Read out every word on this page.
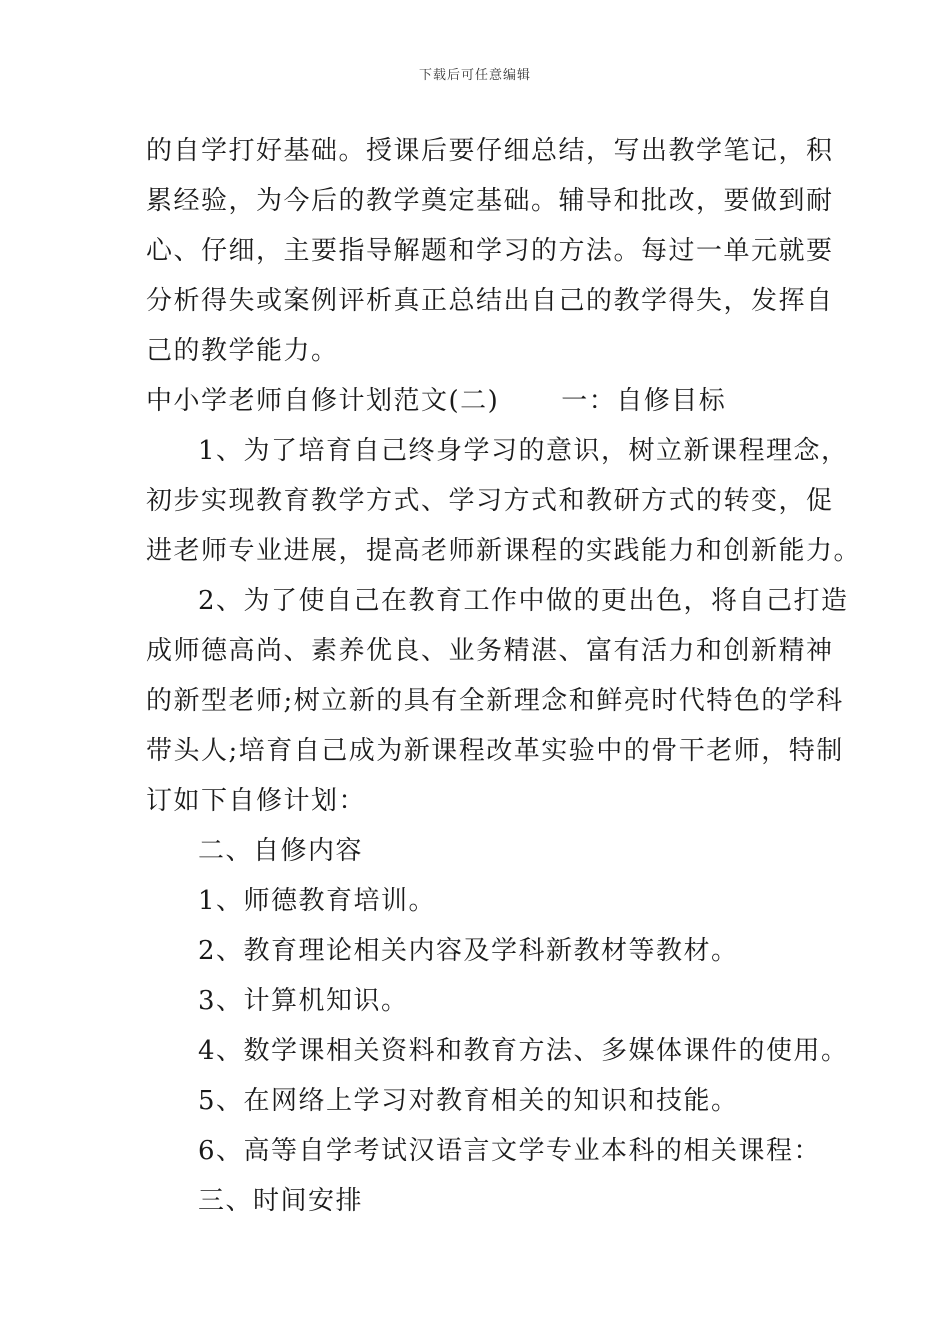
下载后可任意编辑
的自学打好基础。授课后要仔细总结，写出教学笔记，积
累经验，为今后的教学奠定基础。辅导和批改，要做到耐
心、仔细，主要指导解题和学习的方法。每过一单元就要
分析得失或案例评析真正总结出自己的教学得失，发挥自
己的教学能力。
中小学老师自修计划范文(二) 一：自修目标
1、为了培育自己终身学习的意识，树立新课程理念，
初步实现教育教学方式、学习方式和教研方式的转变，促
进老师专业进展，提高老师新课程的实践能力和创新能力。
2、为了使自己在教育工作中做的更出色，将自己打造
成师德高尚、素养优良、业务精湛、富有活力和创新精神
的新型老师;树立新的具有全新理念和鲜亮时代特色的学科
带头人;培育自己成为新课程改革实验中的骨干老师，特制
订如下自修计划：
二、自修内容
1、师德教育培训。
2、教育理论相关内容及学科新教材等教材。
3、计算机知识。
4、数学课相关资料和教育方法、多媒体课件的使用。
5、在网络上学习对教育相关的知识和技能。
6、高等自学考试汉语言文学专业本科的相关课程：
三、时间安排
